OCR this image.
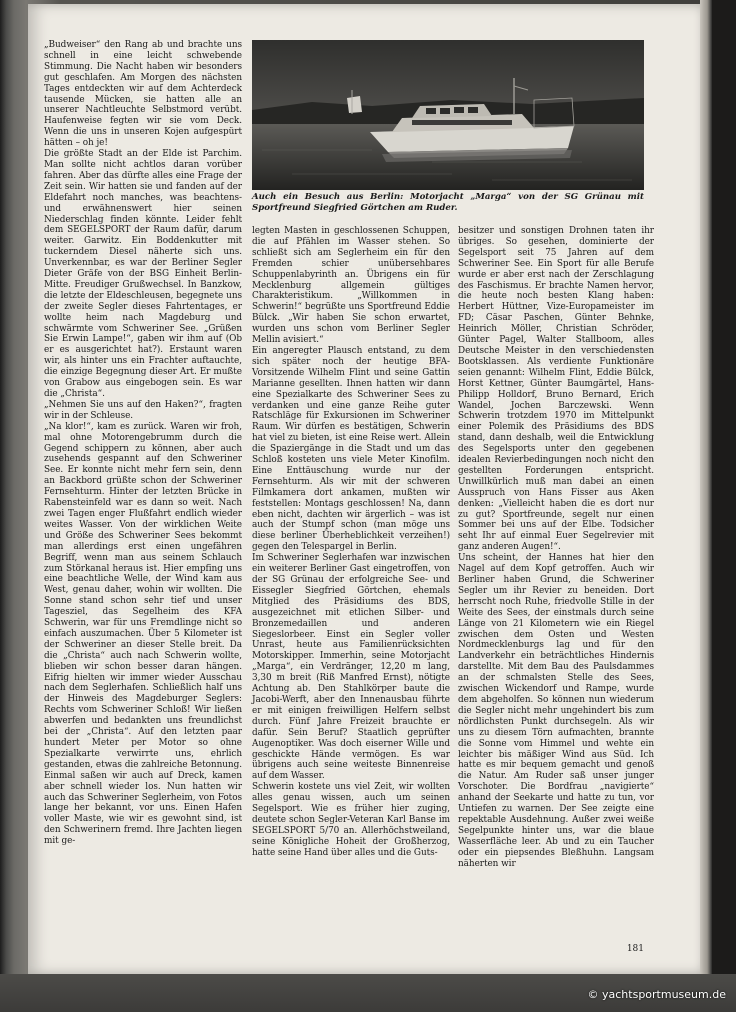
„Budweiser“ den Rang ab und brachte uns schnell in eine leicht schwebende Stimmung. Die Nacht haben wir besonders gut geschlafen. Am Morgen des nächsten Tages entdeckten wir auf dem Achterdeck tausende Mücken, sie hatten alle an unserer Nachtleuchte Selbstmord verübt. Haufenweise fegten wir sie vom Deck. Wenn die uns in unseren Kojen aufgespürt hätten – oh je!

Die größte Stadt an der Elde ist Parchim. Man sollte nicht achtlos daran vorüber fahren. Aber das dürfte alles eine Frage der Zeit sein. Wir hatten sie und fanden auf der Eldefahrt noch manches, was beachtens- und erwähnenswert hier seinen Niederschlag finden könnte. Leider fehlt dem SEGELSPORT der Raum dafür, darum weiter. Garwitz. Ein Boddenkutter mit tuckerndem Diesel näherte sich uns. Unverkennbar, es war der Berliner Segler Dieter Gräfe von der BSG Einheit Berlin-Mitte. Freudiger Grußwechsel. In Banzkow, die letzte der Eldeschleusen, begegnete uns der zweite Segler dieses Fahrtentages, er wollte heim nach Magdeburg und schwärmte vom Schweriner See. „Grüßen Sie Erwin Lampe!“, gaben wir ihm auf (Ob er es ausgerichtet hat?). Erstaunt waren wir, als hinter uns ein Frachter auftauchte, die einzige Begegnung dieser Art. Er mußte von Grabow aus eingebogen sein. Es war die „Christa“.

„Nehmen Sie uns auf den Haken?“, fragten wir in der Schleuse.

„Na klor!“, kam es zurück. Waren wir froh, mal ohne Motorengebrumm durch die Gegend schippern zu können, aber auch zusehends gespannt auf den Schweriner See. Er konnte nicht mehr fern sein, denn an Backbord grüßte schon der Schweriner Fernsehturm. Hinter der letzten Brücke in Rabensteinfeld war es dann so weit. Nach zwei Tagen enger Flußfahrt endlich wieder weites Wasser. Von der wirklichen Weite und Größe des Schweriner Sees bekommt man allerdings erst einen ungefähren Begriff, wenn man aus seinem Schlauch zum Störkanal heraus ist. Hier empfing uns eine beachtliche Welle, der Wind kam aus West, genau daher, wohin wir wollten. Die Sonne stand schon sehr tief und unser Tagesziel, das Segelheim des KFA Schwerin, war für uns Fremdlinge nicht so einfach auszumachen. Über 5 Kilometer ist der Schweriner an dieser Stelle breit. Da die „Christa“ auch nach Schwerin wollte, blieben wir schon besser daran hängen. Eifrig hielten wir immer wieder Ausschau nach dem Seglerhafen. Schließlich half uns der Hinweis des Magdeburger Seglers: Rechts vom Schweriner Schloß! Wir ließen abwerfen und bedankten uns freundlichst bei der „Christa“. Auf den letzten paar hundert Meter per Motor so ohne Spezialkarte verwirrte uns, ehrlich gestanden, etwas die zahlreiche Betonnung. Einmal saßen wir auch auf Dreck, kamen aber schnell wieder los. Nun hatten wir auch das Schweriner Seglerheim, von Fotos lange her bekannt, vor uns. Einen Hafen voller Maste, wie wir es gewohnt sind, ist den Schwerinern fremd. Ihre Jachten liegen mit ge-

Auch ein Besuch aus Berlin: Motorjacht „Marga“ von der SG Grünau mit Sportfreund Siegfried Görtchen am Ruder.

legten Masten in geschlossenen Schuppen, die auf Pfählen im Wasser stehen. So schließt sich am Seglerheim ein für den Fremden schier unübersehbares Schuppenlabyrinth an. Übrigens ein für Mecklenburg allgemein gültiges Charakteristikum. „Willkommen in Schwerin!“ begrüßte uns Sportfreund Eddie Bülck. „Wir haben Sie schon erwartet, wurden uns schon vom Berliner Segler Mellin avisiert.“

Ein angeregter Plausch entstand, zu dem sich später noch der heutige BFA-Vorsitzende Wilhelm Flint und seine Gattin Marianne gesellten. Ihnen hatten wir dann eine Spezialkarte des Schweriner Sees zu verdanken und eine ganze Reihe guter Ratschläge für Exkursionen im Schweriner Raum. Wir dürfen es bestätigen, Schwerin hat viel zu bieten, ist eine Reise wert. Allein die Spaziergänge in die Stadt und um das Schloß kosteten uns viele Meter Kinofilm. Eine Enttäuschung wurde nur der Fernsehturm. Als wir mit der schweren Filmkamera dort ankamen, mußten wir feststellen: Montags geschlossen! Na, dann eben nicht, dachten wir ärgerlich – was ist auch der Stumpf schon (man möge uns diese berliner Überheblichkeit verzeihen!) gegen den Telespargel in Berlin.

Im Schweriner Seglerhafen war inzwischen ein weiterer Berliner Gast eingetroffen, von der SG Grünau der erfolgreiche See- und Eissegler Siegfried Görtchen, ehemals Mitglied des Präsidiums des BDS, ausgezeichnet mit etlichen Silber- und Bronzemedaillen und anderen Siegeslorbeer. Einst ein Segler voller Unrast, heute aus Familienrücksichten Motorskipper. Immerhin, seine Motorjacht „Marga“, ein Verdränger, 12,20 m lang, 3,30 m breit (Riß Manfred Ernst), nötigte Achtung ab. Den Stahlkörper baute die Jacobi-Werft, aber den Innenausbau führte er mit einigen freiwilligen Helfern selbst durch. Fünf Jahre Freizeit brauchte er dafür. Sein Beruf? Staatlich geprüfter Augenoptiker. Was doch eiserner Wille und geschickte Hände vermögen. Es war übrigens auch seine weiteste Binnenreise auf dem Wasser.

Schwerin kostete uns viel Zeit, wir wollten alles genau wissen, auch um seinen Segelsport. Wie es früher hier zuging, deutete schon Segler-Veteran Karl Banse im SEGELSPORT 5/70 an. Allerhöchstweiland, seine Königliche Hoheit der Großherzog, hatte seine Hand über alles und die Guts-

besitzer und sonstigen Drohnen taten ihr übriges. So gesehen, dominierte der Segelsport seit 75 Jahren auf dem Schweriner See. Ein Sport für alle Berufe wurde er aber erst nach der Zerschlagung des Faschismus. Er brachte Namen hervor, die heute noch besten Klang haben: Herbert Hüttner, Vize-Europameister im FD; Cäsar Paschen, Günter Behnke, Heinrich Möller, Christian Schröder, Günter Pagel, Walter Stallboom, alles Deutsche Meister in den verschiedensten Bootsklassen. Als verdiente Funktionäre seien genannt: Wilhelm Flint, Eddie Bülck, Horst Kettner, Günter Baumgärtel, Hans-Philipp Holldorf, Bruno Bernard, Erich Wandel, Jochen Barczewski. Wenn Schwerin trotzdem 1970 im Mittelpunkt einer Polemik des Präsidiums des BDS stand, dann deshalb, weil die Entwicklung des Segelsports unter den gegebenen idealen Revierbedingungen noch nicht den gestellten Forderungen entspricht. Unwillkürlich muß man dabei an einen Ausspruch von Hans Fisser aus Aken denken: „Vielleicht haben die es dort nur zu gut? Sportfreunde, segelt nur einen Sommer bei uns auf der Elbe. Todsicher seht Ihr auf einmal Euer Segelrevier mit ganz anderen Augen!“.

Uns scheint, der Hannes hat hier den Nagel auf dem Kopf getroffen. Auch wir Berliner haben Grund, die Schweriner Segler um ihr Revier zu beneiden. Dort herrscht noch Ruhe, friedvolle Stille in der Weite des Sees, der einstmals durch seine Länge von 21 Kilometern wie ein Riegel zwischen dem Osten und Westen Nordmecklenburgs lag und für den Landverkehr ein beträchtliches Hindernis darstellte. Mit dem Bau des Paulsdammes an der schmalsten Stelle des Sees, zwischen Wickendorf und Rampe, wurde dem abgeholfen. So können nun wiederum die Segler nicht mehr ungehindert bis zum nördlichsten Punkt durchsegeln. Als wir uns zu diesem Törn aufmachten, brannte die Sonne vom Himmel und wehte ein leichter bis mäßiger Wind aus Süd. Ich hatte es mir bequem gemacht und genoß die Natur. Am Ruder saß unser junger Vorschoter. Die Bordfrau „navigierte“ anhand der Seekarte und hatte zu tun, vor Untiefen zu warnen. Der See zeigte eine repektable Ausdehnung. Außer zwei weiße Segelpunkte hinter uns, war die blaue Wasserfläche leer. Ab und zu ein Taucher oder ein piepsendes Bleßhuhn. Langsam näherten wir

181
© yachtsportmuseum.de
